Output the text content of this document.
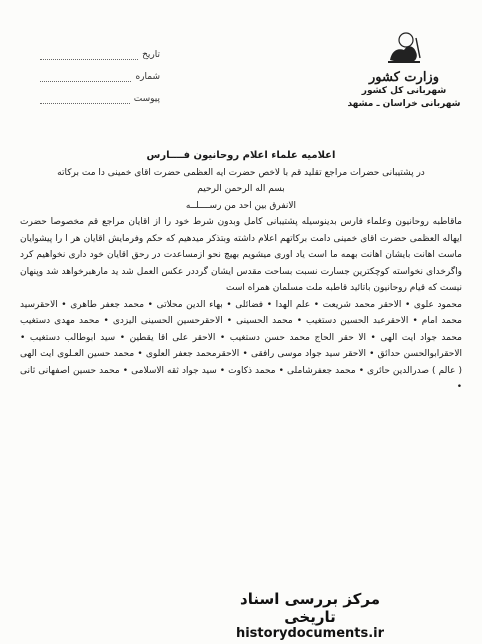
وزارت کشور
شهربانی کل کشور
شهربانی خراسان ـ مشهد
تاریخ
شماره
پیوست
اعلامیه علماء اعلام روحانیون فــــارس
در پشتیبانی حضرات مراجع تقلید قم با لاخص حضرت ایه العظمی حضرت اقای خمینی دا مت برکاته
بسم اله الرحمن الرحیم
الانفرق بین احد من رســــلــه
ماقاطبه روحانیون وعلماء فارس بدینوسیله پشتیبانی کامل وبدون شرط خود را از اقایان مراجع قم مخصوصا حضرت ایهاله العظمی حضرت اقای خمینی دامت برکاتهم اعلام داشته وبتذکر میدهیم که حکم وفرمایش اقایان هر ا را پیشوایان ماست اهانت بایشان اهانت بهمه ما است یاد اوری میشویم بهیچ نحو ازمساعدت در رحق اقایان خود داری نخواهیم کرد واگرخدای نخواسته کوچکترین جسارت نسبت بساحت مقدس ایشان گرددر عکس العمل شد ید مارهبرخواهد شد وپنهان نیست که قیام روحانیون باتائید قاطبه ملت مسلمان همراه است
محمود علوی • الاحقر محمد شریعت • علم الهدا • فضائلی • بهاء الدین محلاتی • محمد جعفر طاهری • الاحقرسید محمد امام • الاحقرعبد الحسین دستغیب • محمد الحسینی • الاحقرحسین الحسینی الیزدی • محمد مهدی دستغیب محمد جواد ایت الهی • الا حقر الحاج محمد حسن دستغیب • الاحقر علی اقا یقطین • سید ابوطالب دستغیب • الاحقرابوالحسن حدائق • الاحقر سید جواد موسی رافقی • الاحقرمحمد جعفر العلوی • محمد حسین العـلوی ایت الهی ( عالم ) صدرالدین حائری • محمد جعفرشاملی • محمد ذکاوت • سید جواد ثقه الاسلامی • محمد حسین اصفهانی ثانی •
مرکز بررسی اسناد تاریخی
historydocuments.ir
